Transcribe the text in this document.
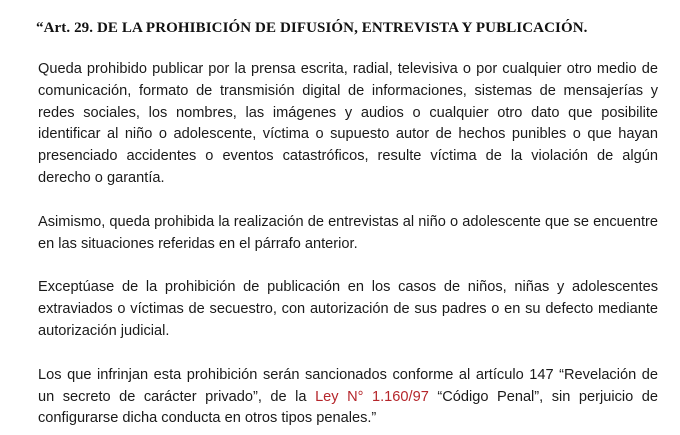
“Art. 29. DE LA PROHIBICIÓN DE DIFUSIÓN, ENTREVISTA Y PUBLICACIÓN.

Queda prohibido publicar por la prensa escrita, radial, televisiva o por cualquier otro medio de comunicación, formato de transmisión digital de informaciones, sistemas de mensajerías y redes sociales, los nombres, las imágenes y audios o cualquier otro dato que posibilite identificar al niño o adolescente, víctima o supuesto autor de hechos punibles o que hayan presenciado accidentes o eventos catastróficos, resulte víctima de la violación de algún derecho o garantía.

Asimismo, queda prohibida la realización de entrevistas al niño o adolescente que se encuentre en las situaciones referidas en el párrafo anterior.

Exceptúase de la prohibición de publicación en los casos de niños, niñas y adolescentes extraviados o víctimas de secuestro, con autorización de sus padres o en su defecto mediante autorización judicial.

Los que infrinjan esta prohibición serán sancionados conforme al artículo 147 “Revelación de un secreto de carácter privado”, de la Ley N° 1.160/97 “Código Penal”, sin perjuicio de configurarse dicha conducta en otros tipos penales.”
